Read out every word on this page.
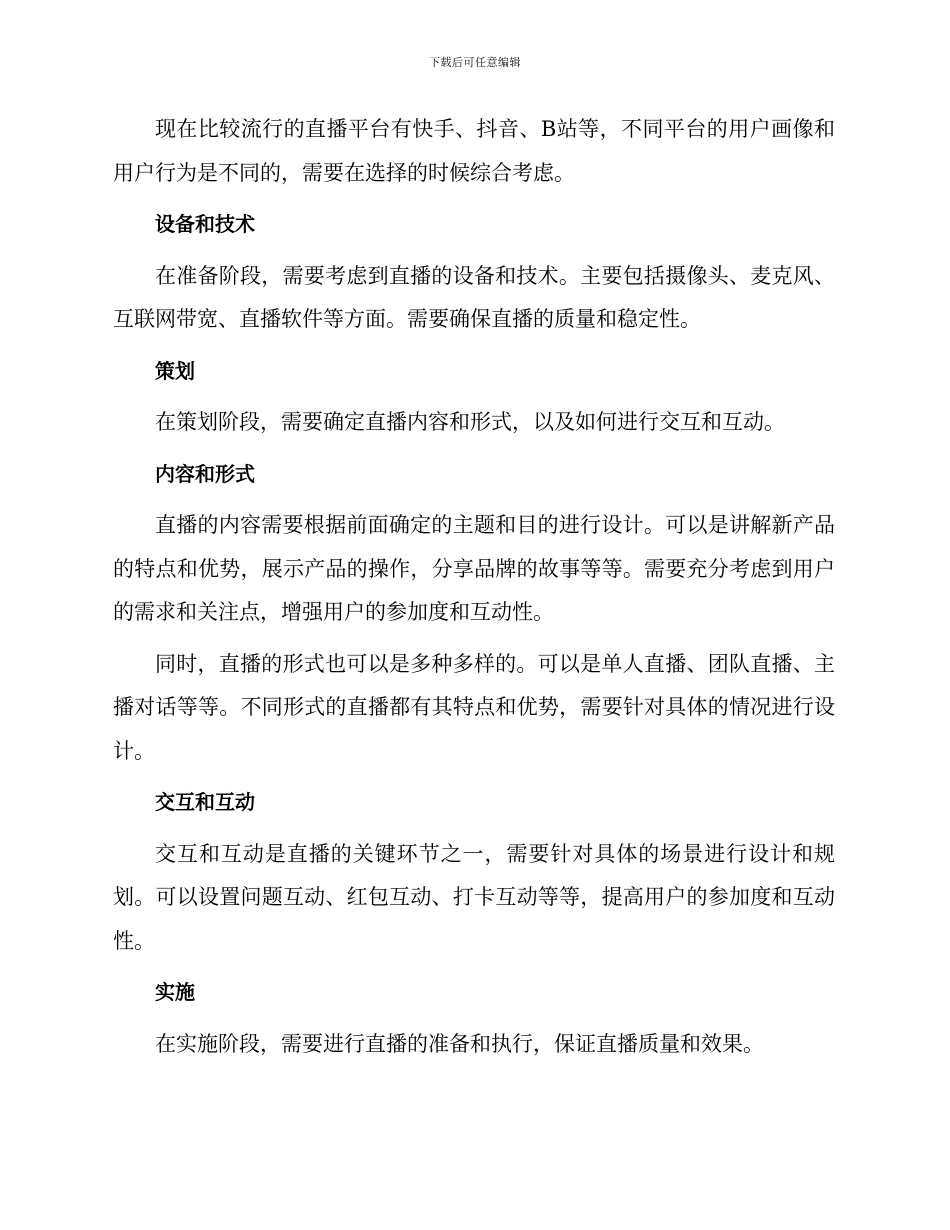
下载后可任意编辑

现在比较流行的直播平台有快手、抖音、B站等，不同平台的用户画像和用户行为是不同的，需要在选择的时候综合考虑。

设备和技术

在准备阶段，需要考虑到直播的设备和技术。主要包括摄像头、麦克风、互联网带宽、直播软件等方面。需要确保直播的质量和稳定性。

策划

在策划阶段，需要确定直播内容和形式，以及如何进行交互和互动。

内容和形式

直播的内容需要根据前面确定的主题和目的进行设计。可以是讲解新产品的特点和优势，展示产品的操作，分享品牌的故事等等。需要充分考虑到用户的需求和关注点，增强用户的参加度和互动性。

同时，直播的形式也可以是多种多样的。可以是单人直播、团队直播、主播对话等等。不同形式的直播都有其特点和优势，需要针对具体的情况进行设计。

交互和互动

交互和互动是直播的关键环节之一，需要针对具体的场景进行设计和规划。可以设置问题互动、红包互动、打卡互动等等，提高用户的参加度和互动性。

实施

在实施阶段，需要进行直播的准备和执行，保证直播质量和效果。
